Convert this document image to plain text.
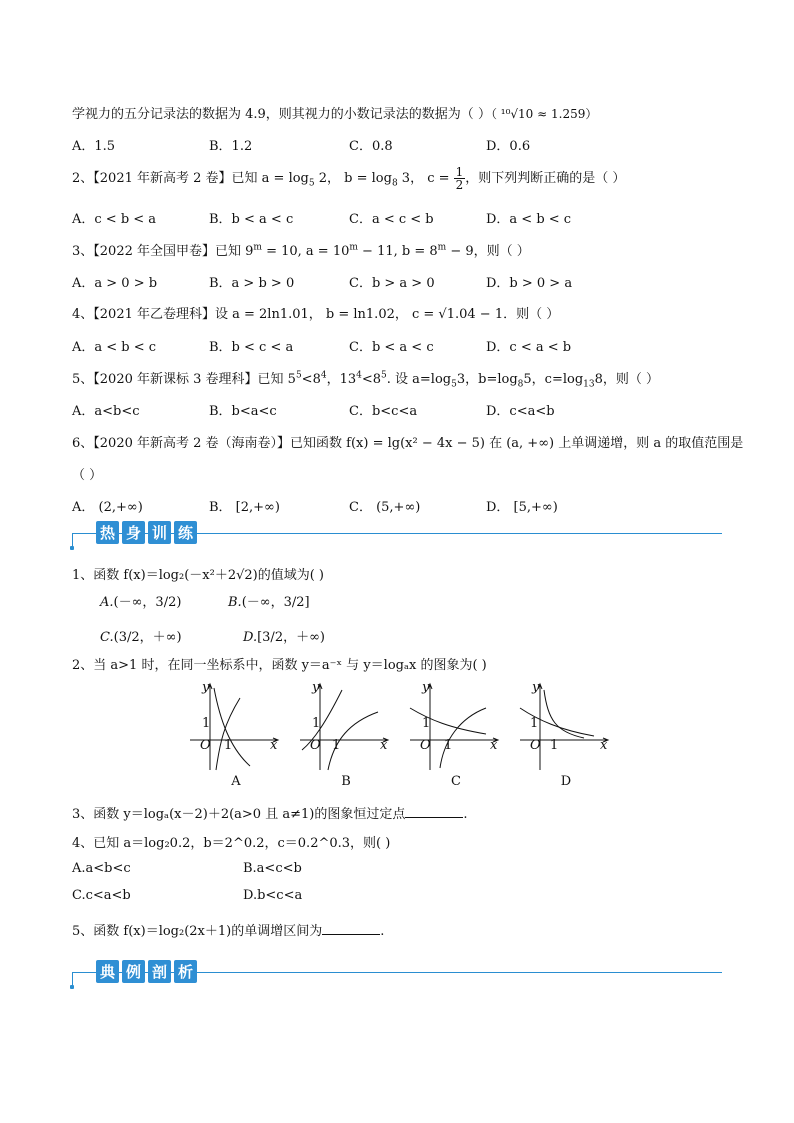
学视力的五分记录法的数据为 4.9，则其视力的小数记录法的数据为（ ）（ ¹⁰√10 ≈ 1.259）
A．1.5	B．1.2	C．0.8	D．0.6
2、【2021 年新高考 2 卷】已知 $a = \log_5 2$， $b = \log_8 3$， $c = \frac{1}{2}$ ，则下列判断正确的是（ ）
A．c < b < a	B．b < a < c	C．a < c < b	D．a < b < c
3、【2022 年全国甲卷】已知 $9^m = 10$, $a = 10^m - 11$, $b = 8^m - 9$，则（ ）
A．a > 0 > b	B．a > b > 0	C．b > a > 0	D．b > 0 > a
4、【2021 年乙卷理科】设 a = 2ln1.01， b = ln1.02， c = √1.04 − 1．则（ ）
A．a < b < c	B．b < c < a	C．b < a < c	D．c < a < b
5、【2020 年新课标 3 卷理科】已知 $5^5<8^4$，$13^4<8^5$. 设 $a=\log_53$，$b=\log_85$，$c=\log_{13}8$，则（ ）
A．a<b<c	B．b<a<c	C．b<c<a	D．c<a<b
6、【2020 年新高考 2 卷（海南卷）】已知函数 f(x) = lg(x² − 4x − 5) 在 (a, +∞) 上单调递增，则 a 的取值范围是
（ ）
A． (2,+∞)	B． [2,+∞)	C． (5,+∞)	D． [5,+∞)
热 身 训 练
1、函数 f(x)＝log₂(－x²＋2√2)的值域为( )
A.(－∞，3/2)	B.(－∞，3/2]
C.(3/2，＋∞)	D.[3/2，＋∞)
2、当 a>1 时，在同一坐标系中，函数 y＝a⁻ˣ 与 y＝logₐx 的图象为( )
y
x
O
1
1
A
y
x
O
1
1
B
y
x
O
1
1
C
y
x
O
1
1
D
3、函数 y＝logₐ(x－2)＋2(a>0 且 a≠1)的图象恒过定点	.
4、已知 a＝log₂0.2，b＝2^0.2，c＝0.2^0.3，则( )
A.a<b<c	B.a<c<b
C.c<a<b	D.b<c<a
5、函数 f(x)＝log₂(2x＋1)的单调增区间为	.
典 例 剖 析
